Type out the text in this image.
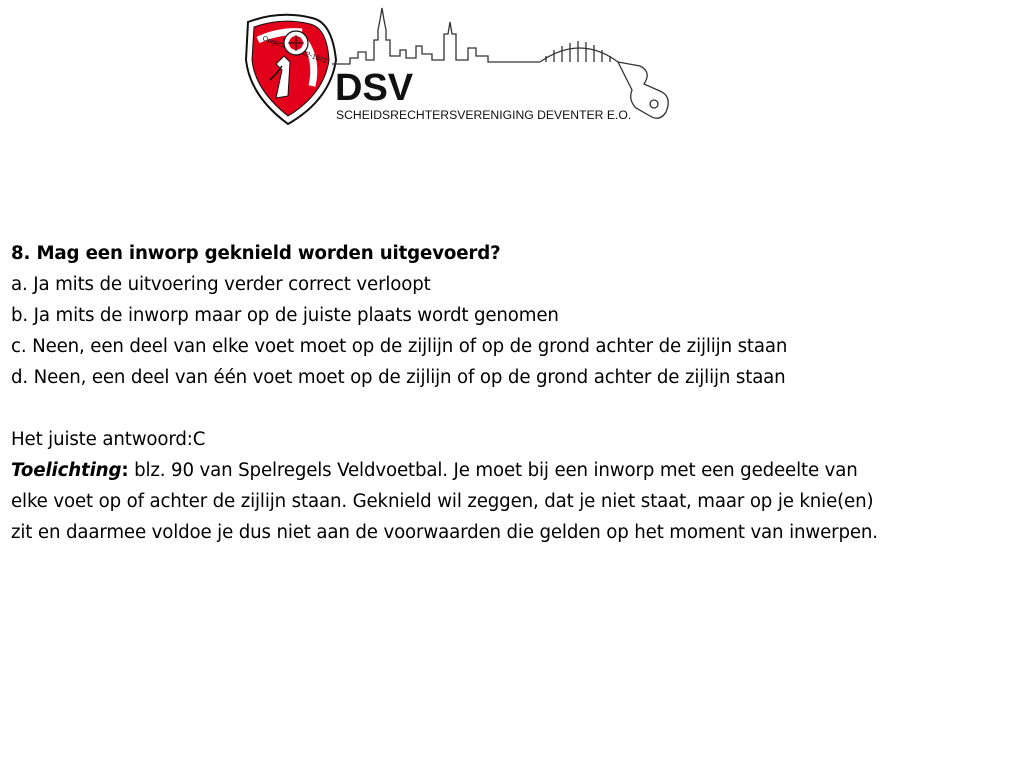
Opgericht 10-02-1922
DSV
SCHEIDSRECHTERSVERENIGING DEVENTER E.O.
8. Mag een inworp geknield worden uitgevoerd?
a. Ja mits de uitvoering verder correct verloopt
b. Ja mits de inworp maar op de juiste plaats wordt genomen
c. Neen, een deel van elke voet moet op de zijlijn of op de grond achter de zijlijn staan
d. Neen, een deel van één voet moet op de zijlijn of op de grond achter de zijlijn staan
Het juiste antwoord:C
Toelichting: blz. 90 van Spelregels Veldvoetbal. Je moet bij een inworp met een gedeelte van
elke voet op of achter de zijlijn staan. Geknield wil zeggen, dat je niet staat, maar op je knie(en)
zit en daarmee voldoe je dus niet aan de voorwaarden die gelden op het moment van inwerpen.
